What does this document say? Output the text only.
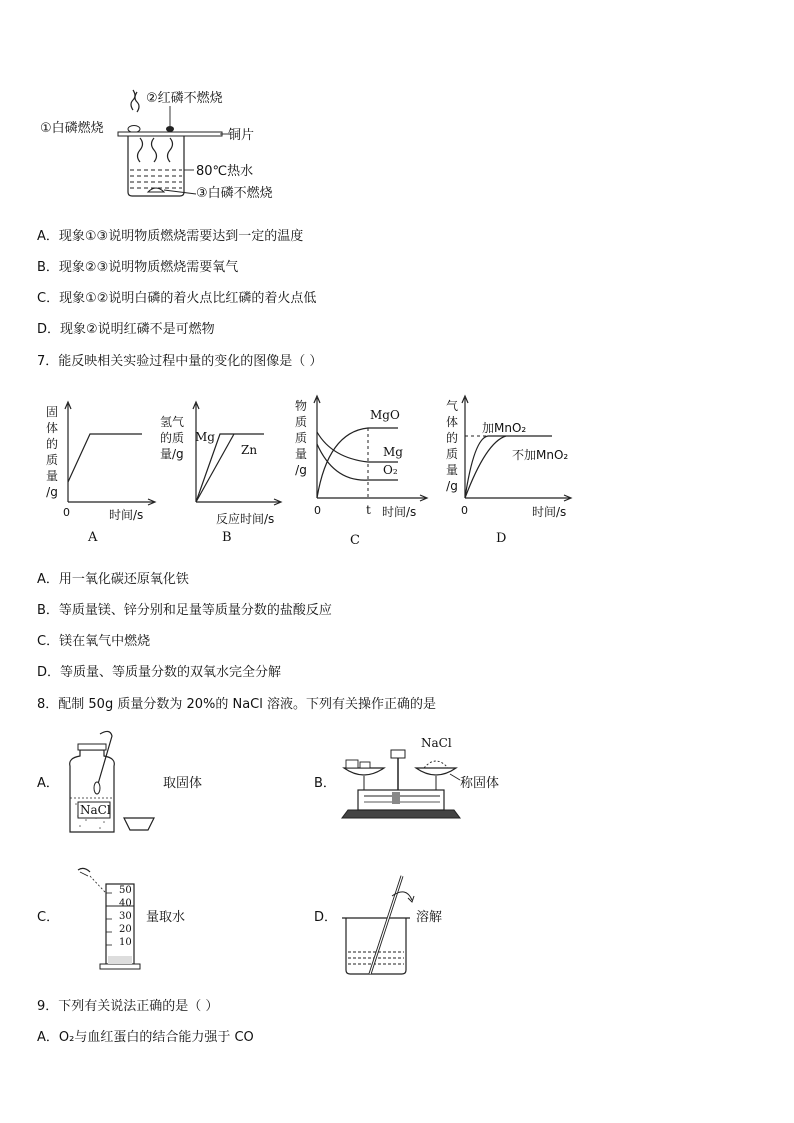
②红磷不燃烧
①白磷燃烧	铜片
80℃热水
③白磷不燃烧
A．现象①③说明物质燃烧需要达到一定的温度
B．现象②③说明物质燃烧需要氧气
C．现象①②说明白磷的着火点比红磷的着火点低
D．现象②说明红磷不是可燃物
7．能反映相关实验过程中量的变化的图像是（ ）
固
体
的
质
量
/g
0	时间/s
A
氢气
的质
量/g
Mg
Zn
反应时间/s
B
物
质
质
量
/g
MgO
Mg
O₂
0	t 时间/s
C
气
体
的
质
量
/g
加MnO₂
不加MnO₂
0	时间/s
D
A．用一氧化碳还原氧化铁
B．等质量镁、锌分别和足量等质量分数的盐酸反应
C．镁在氧气中燃烧
D．等质量、等质量分数的双氧水完全分解
8．配制 50g 质量分数为 20%的 NaCl 溶液。下列有关操作正确的是
A．
NaCl
取固体	B．
NaCl
称固体
C．
50
40
30
20
10
量取水	D．	溶解
9．下列有关说法正确的是（ ）
A．O₂与血红蛋白的结合能力强于 CO
